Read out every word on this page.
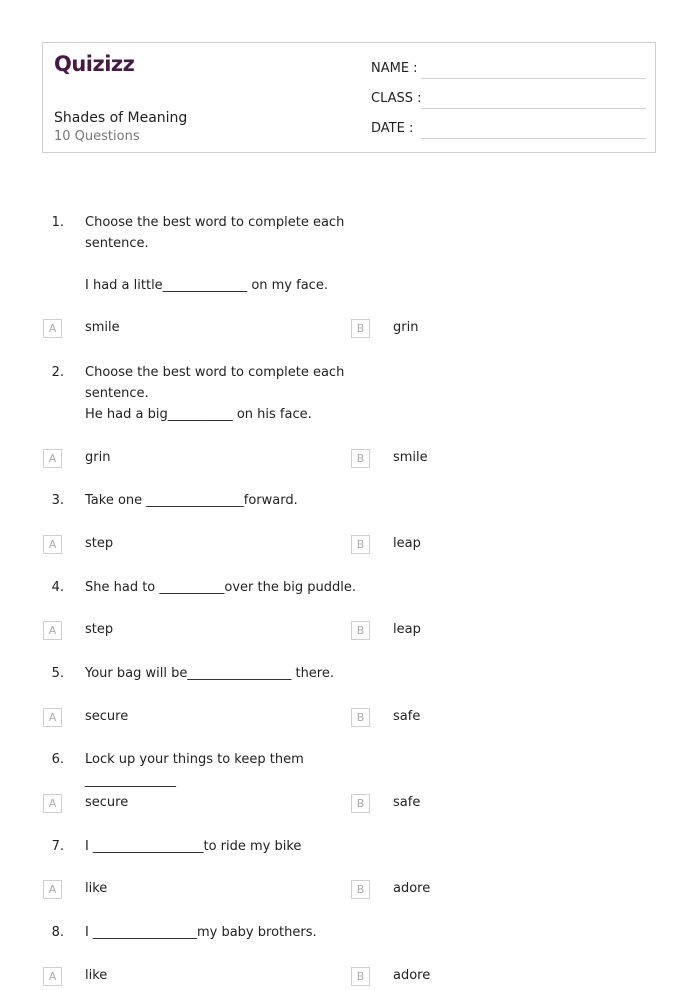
Quizizz
Shades of Meaning
10 Questions
NAME :
CLASS :
DATE :
1. Choose the best word to complete each
sentence.
I had a little_____________ on my face.
A	smile	B	grin
2. Choose the best word to complete each
sentence.
He had a big__________ on his face.
A	grin	B	smile
3. Take one _______________forward.
A	step	B	leap
4. She had to __________over the big puddle.
A	step	B	leap
5. Your bag will be________________ there.
A	secure	B	safe
6. Lock up your things to keep them ______________
A	secure	B	safe
7. I _________________to ride my bike
A	like	B	adore
8. I ________________my baby brothers.
A	like	B	adore
